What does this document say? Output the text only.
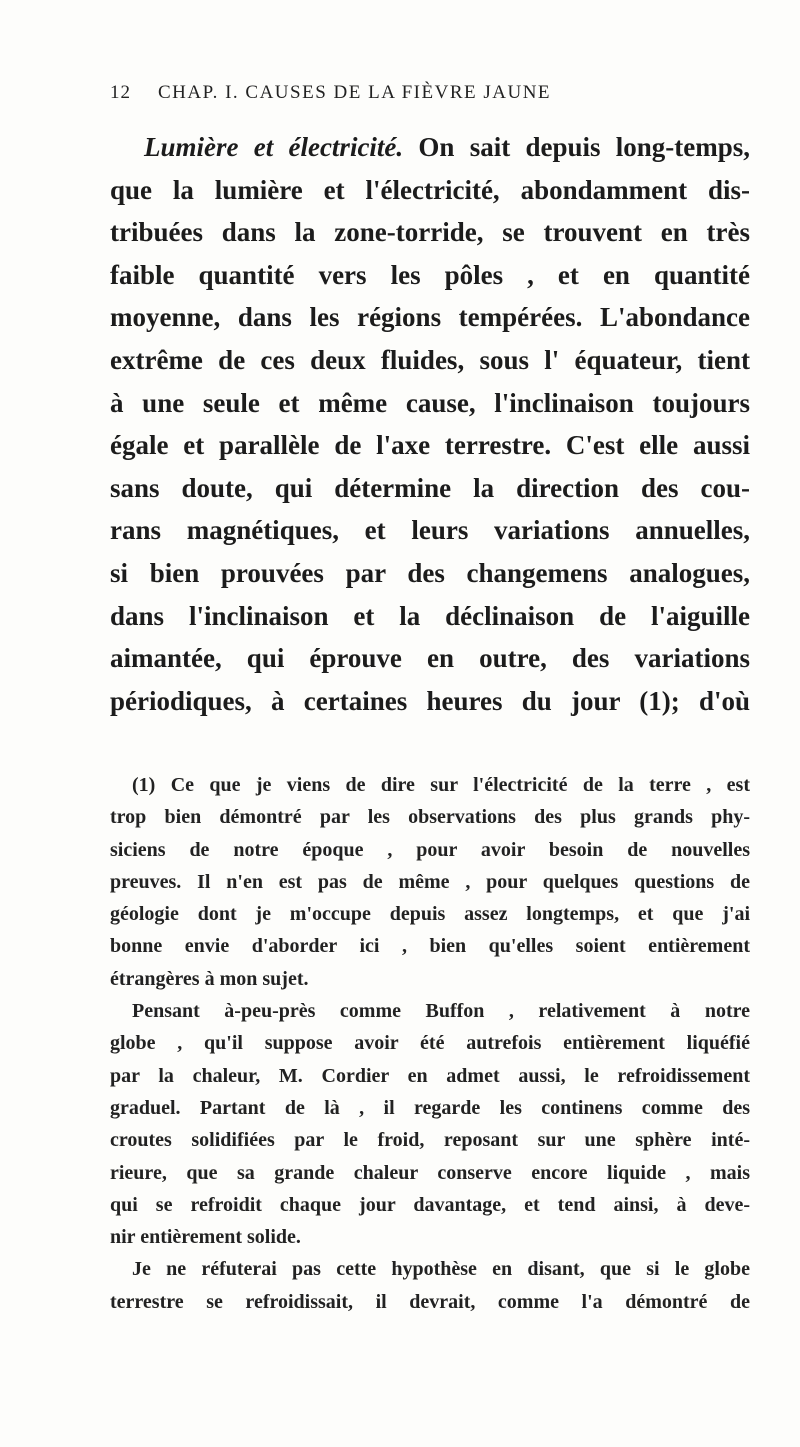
12 CHAP. I. CAUSES DE LA FIÈVRE JAUNE
Lumière et électricité. On sait depuis long-temps,
que la lumière et l'électricité, abondamment dis-
tribuées dans la zone-torride, se trouvent en très
faible quantité vers les pôles , et en quantité
moyenne, dans les régions tempérées. L'abondance
extrême de ces deux fluides, sous l' équateur, tient
à une seule et même cause, l'inclinaison toujours
égale et parallèle de l'axe terrestre. C'est elle aussi
sans doute, qui détermine la direction des cou-
rans magnétiques, et leurs variations annuelles,
si bien prouvées par des changemens analogues,
dans l'inclinaison et la déclinaison de l'aiguille
aimantée, qui éprouve en outre, des variations
périodiques, à certaines heures du jour (1); d'où
(1) Ce que je viens de dire sur l'électricité de la terre , est
trop bien démontré par les observations des plus grands phy-
siciens de notre époque , pour avoir besoin de nouvelles
preuves. Il n'en est pas de même , pour quelques questions de
géologie dont je m'occupe depuis assez longtemps, et que j'ai
bonne envie d'aborder ici , bien qu'elles soient entièrement
étrangères à mon sujet.
Pensant à-peu-près comme Buffon , relativement à notre
globe , qu'il suppose avoir été autrefois entièrement liquéfié
par la chaleur, M. Cordier en admet aussi, le refroidissement
graduel. Partant de là , il regarde les continens comme des
croutes solidifiées par le froid, reposant sur une sphère inté-
rieure, que sa grande chaleur conserve encore liquide , mais
qui se refroidit chaque jour davantage, et tend ainsi, à deve-
nir entièrement solide.
Je ne réfuterai pas cette hypothèse en disant, que si le globe
terrestre se refroidissait, il devrait, comme l'a démontré de
